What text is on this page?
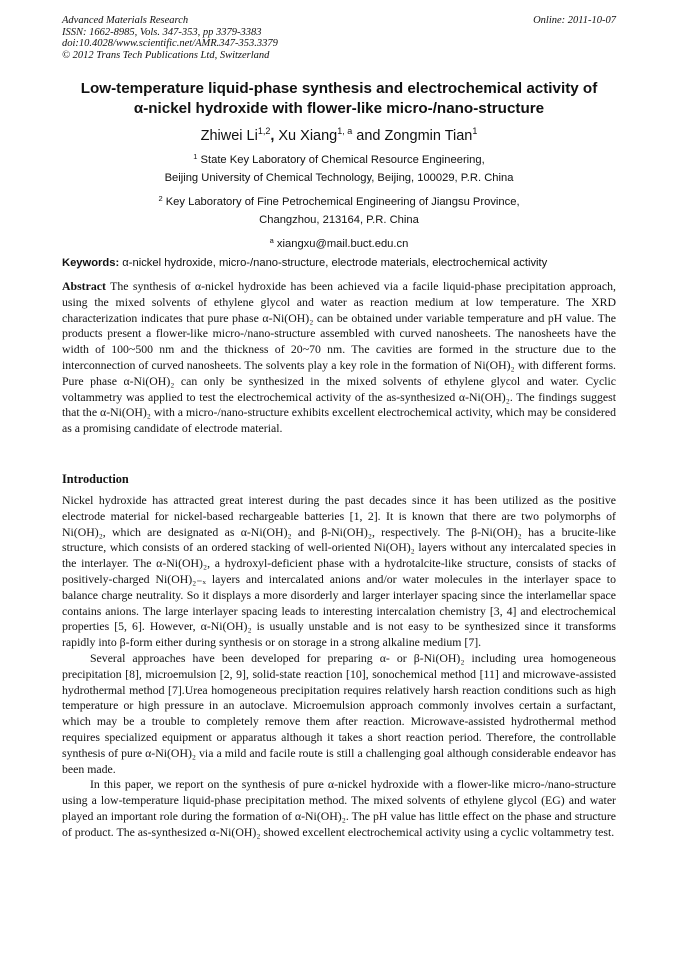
Advanced Materials Research
ISSN: 1662-8985, Vols. 347-353, pp 3379-3383
doi:10.4028/www.scientific.net/AMR.347-353.3379
© 2012 Trans Tech Publications Ltd, Switzerland
Online: 2011-10-07
Low-temperature liquid-phase synthesis and electrochemical activity of
α-nickel hydroxide with flower-like micro-/nano-structure
Zhiwei Li$^{1,2}$, Xu Xiang$^{1, a}$ and Zongmin Tian$^1$
$^1$ State Key Laboratory of Chemical Resource Engineering,
Beijing University of Chemical Technology, Beijing, 100029, P.R. China
$^2$ Key Laboratory of Fine Petrochemical Engineering of Jiangsu Province,
Changzhou, 213164, P.R. China
$^a$ xiangxu@mail.buct.edu.cn
Keywords: α-nickel hydroxide, micro-/nano-structure, electrode materials, electrochemical activity
Abstract The synthesis of α-nickel hydroxide has been achieved via a facile liquid-phase precipitation approach, using the mixed solvents of ethylene glycol and water as reaction medium at low temperature. The XRD characterization indicates that pure phase α-Ni(OH)₂ can be obtained under variable temperature and pH value. The products present a flower-like micro-/nano-structure assembled with curved nanosheets. The nanosheets have the width of 100~500 nm and the thickness of 20~70 nm. The cavities are formed in the structure due to the interconnection of curved nanosheets. The solvents play a key role in the formation of Ni(OH)₂ with different forms. Pure phase α-Ni(OH)₂ can only be synthesized in the mixed solvents of ethylene glycol and water. Cyclic voltammetry was applied to test the electrochemical activity of the as-synthesized α-Ni(OH)₂. The findings suggest that the α-Ni(OH)₂ with a micro-/nano-structure exhibits excellent electrochemical activity, which may be considered as a promising candidate of electrode material.
Introduction
Nickel hydroxide has attracted great interest during the past decades since it has been utilized as the positive electrode material for nickel-based rechargeable batteries [1, 2]. It is known that there are two polymorphs of Ni(OH)₂, which are designated as α-Ni(OH)₂ and β-Ni(OH)₂, respectively. The β-Ni(OH)₂ has a brucite-like structure, which consists of an ordered stacking of well-oriented Ni(OH)₂ layers without any intercalated species in the interlayer. The α-Ni(OH)₂, a hydroxyl-deficient phase with a hydrotalcite-like structure, consists of stacks of positively-charged Ni(OH)₂₋ₓ layers and intercalated anions and/or water molecules in the interlayer space to balance charge neutrality. So it displays a more disorderly and larger interlayer spacing since the interlamellar space contains anions. The large interlayer spacing leads to interesting intercalation chemistry [3, 4] and electrochemical properties [5, 6]. However, α-Ni(OH)₂ is usually unstable and is not easy to be synthesized since it transforms rapidly into β-form either during synthesis or on storage in a strong alkaline medium [7].
Several approaches have been developed for preparing α- or β-Ni(OH)₂ including urea homogeneous precipitation [8], microemulsion [2, 9], solid-state reaction [10], sonochemical method [11] and microwave-assisted hydrothermal method [7].Urea homogeneous precipitation requires relatively harsh reaction conditions such as high temperature or high pressure in an autoclave. Microemulsion approach commonly involves certain a surfactant, which may be a trouble to completely remove them after reaction. Microwave-assisted hydrothermal method requires specialized equipment or apparatus although it takes a short reaction period. Therefore, the controllable synthesis of pure α-Ni(OH)₂ via a mild and facile route is still a challenging goal although considerable endeavor has been made.
In this paper, we report on the synthesis of pure α-nickel hydroxide with a flower-like micro-/nano-structure using a low-temperature liquid-phase precipitation method. The mixed solvents of ethylene glycol (EG) and water played an important role during the formation of α-Ni(OH)₂. The pH value has little effect on the phase and structure of product. The as-synthesized α-Ni(OH)₂ showed excellent electrochemical activity using a cyclic voltammetry test.
